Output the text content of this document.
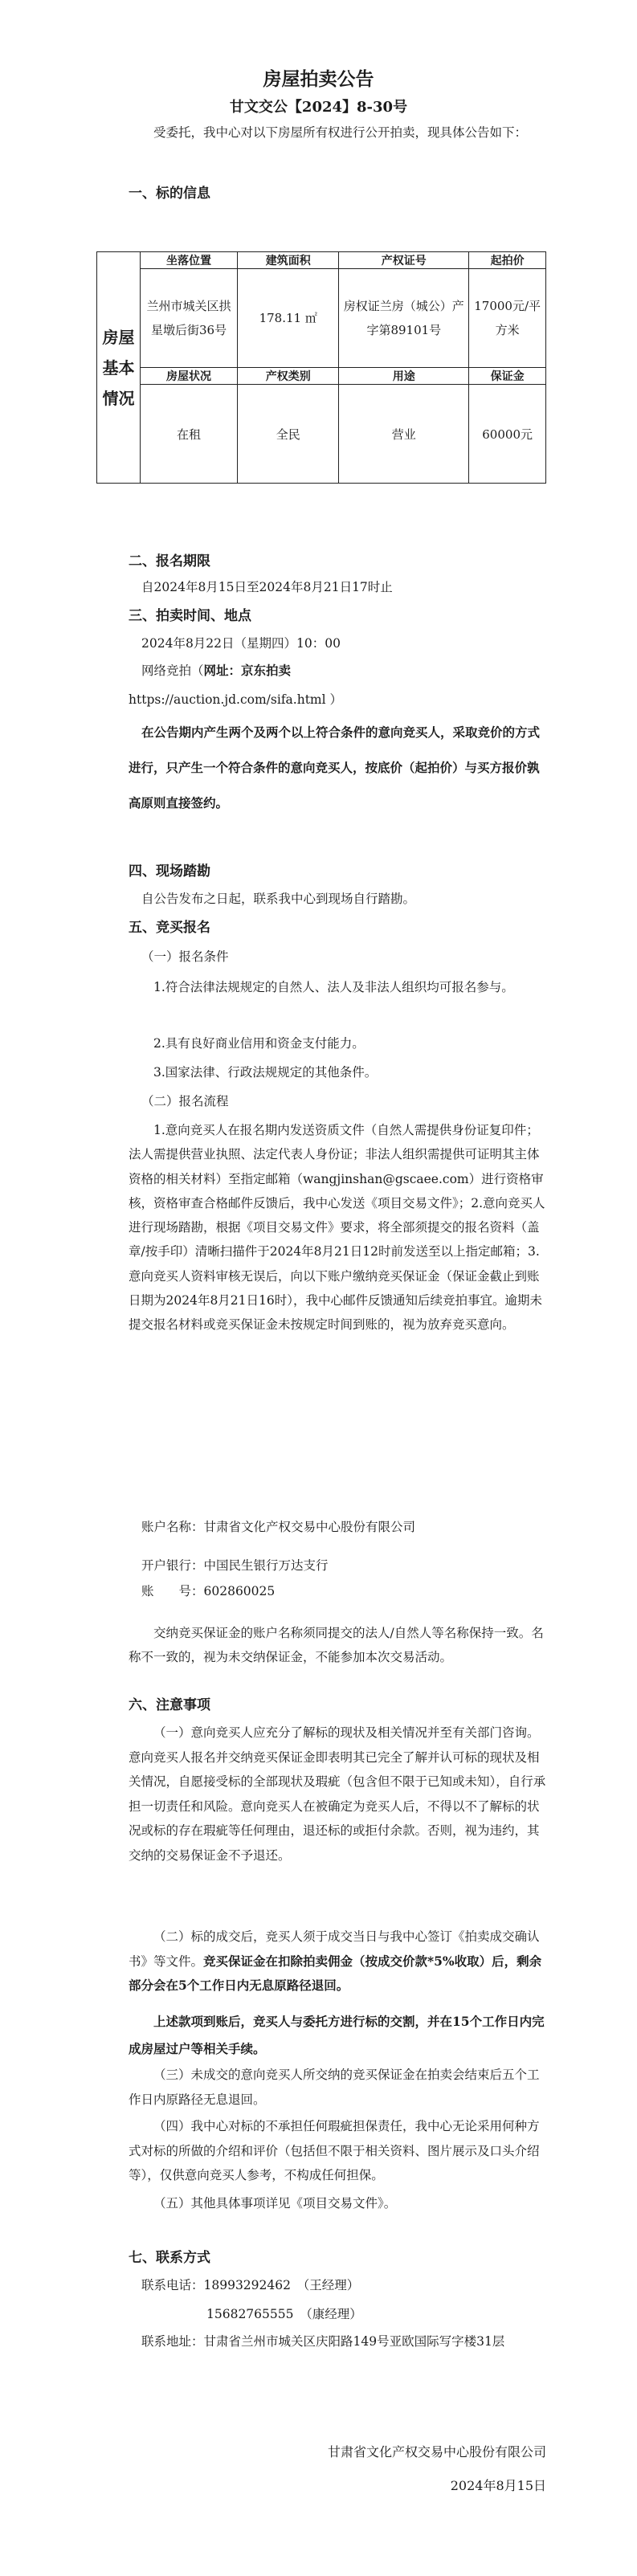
房屋拍卖公告
甘文交公【2024】8-30号
受委托，我中心对以下房屋所有权进行公开拍卖，现具体公告如下：
一、标的信息
房屋基本情况	坐落位置	建筑面积	产权证号	起拍价
	兰州市城关区拱星墩后街36号	178.11 ㎡	房权证兰房（城公）产字第89101号	17000元/平方米
	房屋状况	产权类别	用途	保证金
	在租	全民	营业	60000元
二、报名期限
自2024年8月15日至2024年8月21日17时止
三、拍卖时间、地点
2024年8月22日（星期四）10：00
网络竞拍（网址：京东拍卖
https://auction.jd.com/sifa.html ）
在公告期内产生两个及两个以上符合条件的意向竞买人，采取竞价的方式进行，只产生一个符合条件的意向竞买人，按底价（起拍价）与买方报价孰高原则直接签约。
四、现场踏勘
自公告发布之日起，联系我中心到现场自行踏勘。
五、竞买报名
（一）报名条件
1.符合法律法规规定的自然人、法人及非法人组织均可报名参与。
2.具有良好商业信用和资金支付能力。
3.国家法律、行政法规规定的其他条件。
（二）报名流程
1.意向竞买人在报名期内发送资质文件（自然人需提供身份证复印件；法人需提供营业执照、法定代表人身份证；非法人组织需提供可证明其主体资格的相关材料）至指定邮箱（wangjinshan@gscaee.com）进行资格审核，资格审查合格邮件反馈后，我中心发送《项目交易文件》；2.意向竞买人进行现场踏勘，根据《项目交易文件》要求，将全部须提交的报名资料（盖章/按手印）清晰扫描件于2024年8月21日12时前发送至以上指定邮箱；3.意向竞买人资料审核无误后，向以下账户缴纳竞买保证金（保证金截止到账日期为2024年8月21日16时），我中心邮件反馈通知后续竞拍事宜。逾期未提交报名材料或竞买保证金未按规定时间到账的，视为放弃竞买意向。
账户名称：甘肃省文化产权交易中心股份有限公司
开户银行：中国民生银行万达支行
账　　号：602860025
交纳竞买保证金的账户名称须同提交的法人/自然人等名称保持一致。名称不一致的，视为未交纳保证金，不能参加本次交易活动。
六、注意事项
（一）意向竞买人应充分了解标的现状及相关情况并至有关部门咨询。意向竞买人报名并交纳竞买保证金即表明其已完全了解并认可标的现状及相关情况，自愿接受标的全部现状及瑕疵（包含但不限于已知或未知），自行承担一切责任和风险。意向竞买人在被确定为竞买人后，不得以不了解标的状况或标的存在瑕疵等任何理由，退还标的或拒付余款。否则，视为违约，其交纳的交易保证金不予退还。
（二）标的成交后，竞买人须于成交当日与我中心签订《拍卖成交确认书》等文件。竞买保证金在扣除拍卖佣金（按成交价款*5%收取）后，剩余部分会在5个工作日内无息原路径退回。
上述款项到账后，竞买人与委托方进行标的交割，并在15个工作日内完成房屋过户等相关手续。
（三）未成交的意向竞买人所交纳的竞买保证金在拍卖会结束后五个工作日内原路径无息退回。
（四）我中心对标的不承担任何瑕疵担保责任，我中心无论采用何种方式对标的所做的介绍和评价（包括但不限于相关资料、图片展示及口头介绍等），仅供意向竞买人参考，不构成任何担保。
（五）其他具体事项详见《项目交易文件》。
七、联系方式
联系电话：18993292462　（王经理）
15682765555　（康经理）
联系地址：甘肃省兰州市城关区庆阳路149号亚欧国际写字楼31层
甘肃省文化产权交易中心股份有限公司
2024年8月15日
